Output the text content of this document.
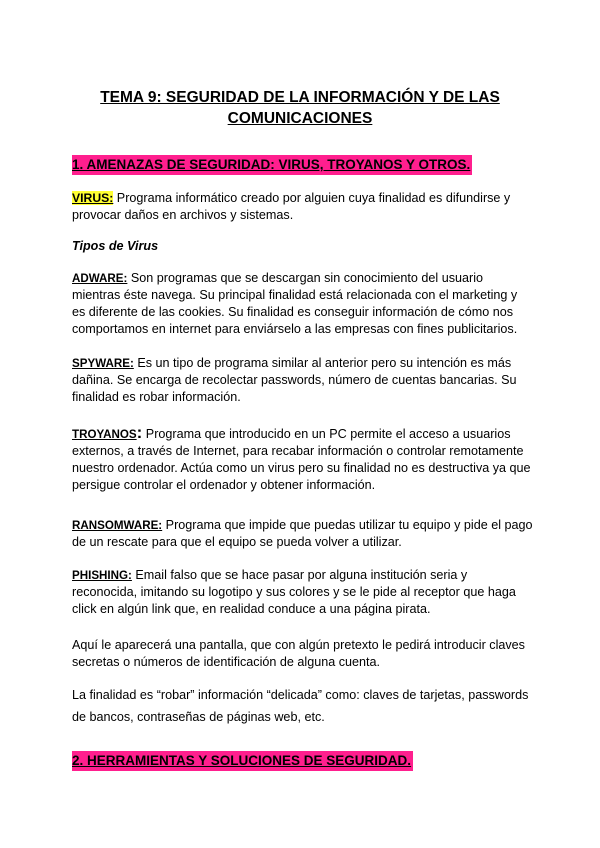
TEMA 9: SEGURIDAD DE LA INFORMACIÓN Y DE LAS
COMUNICACIONES
1. AMENAZAS DE SEGURIDAD: VIRUS, TROYANOS Y OTROS.
VIRUS: Programa informático creado por alguien cuya finalidad es difundirse y provocar daños en archivos y sistemas.
Tipos de Virus
ADWARE: Son programas que se descargan sin conocimiento del usuario mientras éste navega. Su principal finalidad está relacionada con el marketing y es diferente de las cookies. Su finalidad es conseguir información de cómo nos comportamos en internet para enviárselo a las empresas con fines publicitarios.
SPYWARE: Es un tipo de programa similar al anterior pero su intención es más dañina. Se encarga de recolectar passwords, número de cuentas bancarias. Su finalidad es robar información.
TROYANOS: Programa que introducido en un PC permite el acceso a usuarios externos, a través de Internet, para recabar información o controlar remotamente nuestro ordenador. Actúa como un virus pero su finalidad no es destructiva ya que persigue controlar el ordenador y obtener información.
RANSOMWARE: Programa que impide que puedas utilizar tu equipo y pide el pago de un rescate para que el equipo se pueda volver a utilizar.
PHISHING: Email falso que se hace pasar por alguna institución seria y reconocida, imitando su logotipo y sus colores y se le pide al receptor que haga click en algún link que, en realidad conduce a una página pirata.
Aquí le aparecerá una pantalla, que con algún pretexto le pedirá introducir claves secretas o números de identificación de alguna cuenta.
La finalidad es “robar” información “delicada” como: claves de tarjetas, passwords de bancos, contraseñas de páginas web, etc.
2. HERRAMIENTAS Y SOLUCIONES DE SEGURIDAD.
